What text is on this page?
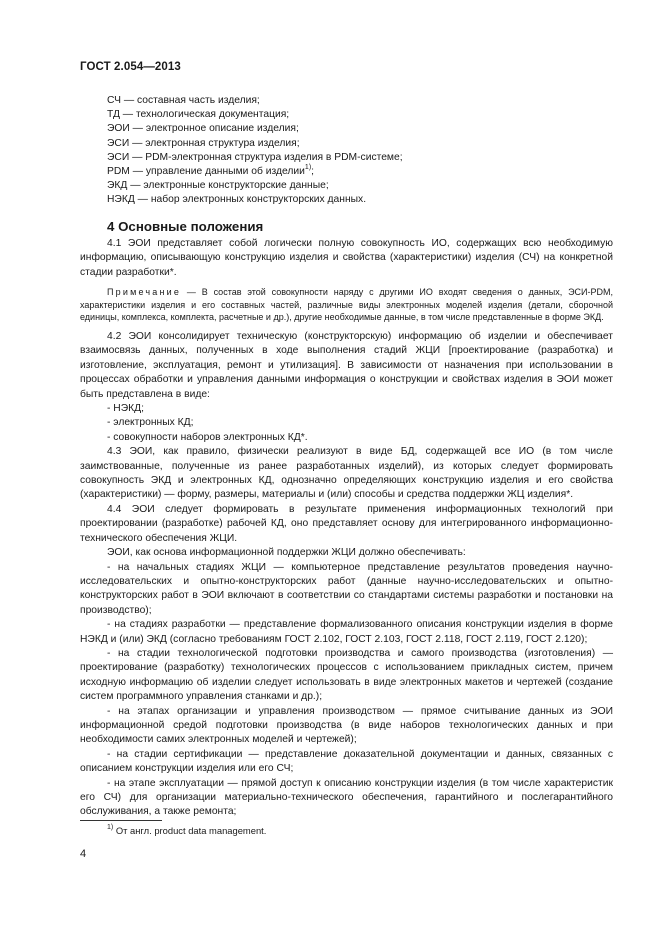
ГОСТ 2.054—2013
СЧ — составная часть изделия;
ТД — технологическая документация;
ЭОИ — электронное описание изделия;
ЭСИ — электронная структура изделия;
ЭСИ — PDM-электронная структура изделия в PDM-системе;
PDM — управление данными об изделии$^{1)}$;
ЭКД — электронные конструкторские данные;
НЭКД — набор электронных конструкторских данных.
4 Основные положения

4.1 ЭОИ представляет собой логически полную совокупность ИО, содержащих всю необходимую информацию, описывающую конструкцию изделия и свойства (характеристики) изделия (СЧ) на конкретной стадии разработки*.

Примечание — В состав этой совокупности наряду с другими ИО входят сведения о данных, ЭСИ-PDM, характеристики изделия и его составных частей, различные виды электронных моделей изделия (детали, сборочной единицы, комплекса, комплекта, расчетные и др.), другие необходимые данные, в том числе представленные в форме ЭКД.

4.2 ЭОИ консолидирует техническую (конструкторскую) информацию об изделии и обеспечивает взаимосвязь данных, полученных в ходе выполнения стадий ЖЦИ [проектирование (разработка) и изготовление, эксплуатация, ремонт и утилизация]. В зависимости от назначения при использовании в процессах обработки и управления данными информация о конструкции и свойствах изделия в ЭОИ может быть представлена в виде:

- НЭКД;

- электронных КД;

- совокупности наборов электронных КД*.

4.3 ЭОИ, как правило, физически реализуют в виде БД, содержащей все ИО (в том числе заимствованные, полученные из ранее разработанных изделий), из которых следует формировать совокупность ЭКД и электронных КД, однозначно определяющих конструкцию изделия и его свойства (характеристики) — форму, размеры, материалы и (или) способы и средства поддержки ЖЦ изделия*.

4.4 ЭОИ следует формировать в результате применения информационных технологий при проектировании (разработке) рабочей КД, оно представляет основу для интегрированного информационно-технического обеспечения ЖЦИ.

ЭОИ, как основа информационной поддержки ЖЦИ должно обеспечивать:

- на начальных стадиях ЖЦИ — компьютерное представление результатов проведения научно-исследовательских и опытно-конструкторских работ (данные научно-исследовательских и опытно-конструкторских работ в ЭОИ включают в соответствии со стандартами системы разработки и постановки на производство);

- на стадиях разработки — представление формализованного описания конструкции изделия в форме НЭКД и (или) ЭКД (согласно требованиям ГОСТ 2.102, ГОСТ 2.103, ГОСТ 2.118, ГОСТ 2.119, ГОСТ 2.120);

- на стадии технологической подготовки производства и самого производства (изготовления) — проектирование (разработку) технологических процессов с использованием прикладных систем, причем исходную информацию об изделии следует использовать в виде электронных макетов и чертежей (создание систем программного управления станками и др.);

- на этапах организации и управления производством — прямое считывание данных из ЭОИ информационной средой подготовки производства (в виде наборов технологических данных и при необходимости самих электронных моделей и чертежей);

- на стадии сертификации — представление доказательной документации и данных, связанных с описанием конструкции изделия или его СЧ;

- на этапе эксплуатации — прямой доступ к описанию конструкции изделия (в том числе характеристик его СЧ) для организации материально-технического обеспечения, гарантийного и послегарантийного обслуживания, а также ремонта;

$^{1)}$ От англ. product data management.
4
